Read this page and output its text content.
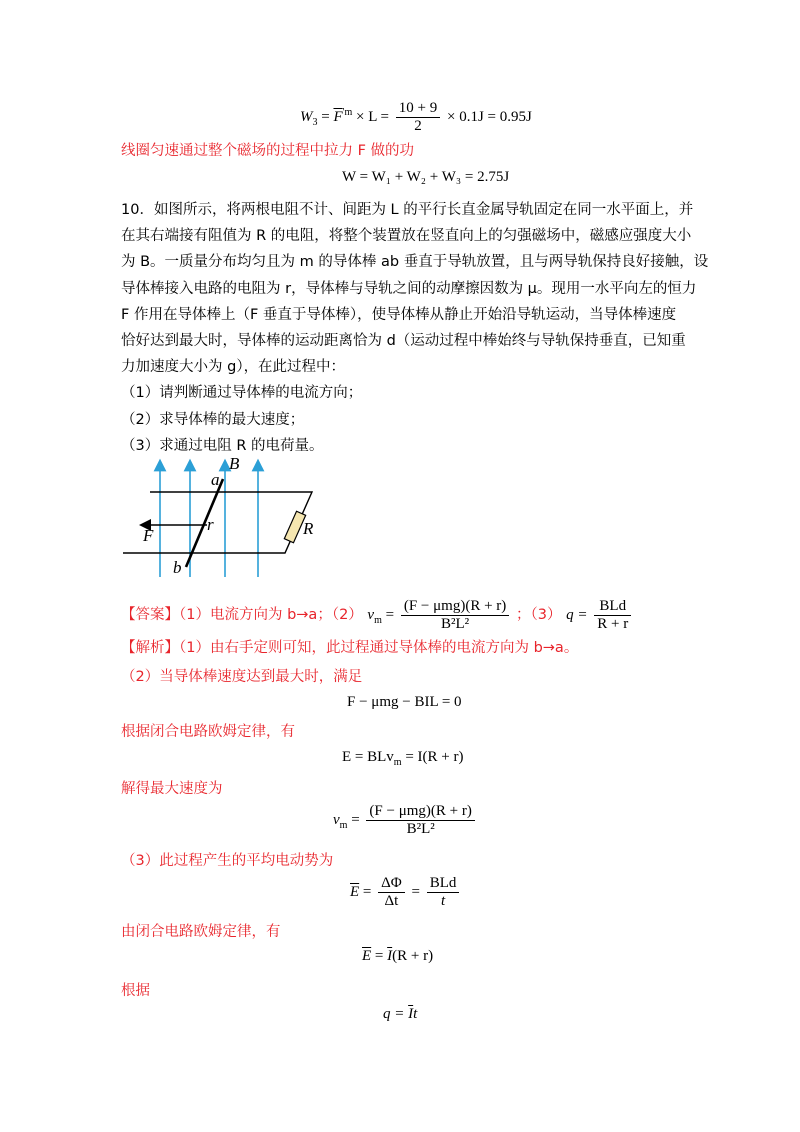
$W_3 = \overline{F}^{'m} \times L = \frac{10 + 9}{2} \times 0.1J = 0.95J$
线圈匀速通过整个磁场的过程中拉力 F 做的功
W = W₁ + W₂ + W₃ = 2.75J
10．如图所示，将两根电阻不计、间距为 L 的平行长直金属导轨固定在同一水平面上，并
在其右端接有阻值为 R 的电阻，将整个装置放在竖直向上的匀强磁场中，磁感应强度大小
为 B。一质量分布均匀且为 m 的导体棒 ab 垂直于导轨放置，且与两导轨保持良好接触，设
导体棒接入电路的电阻为 r，导体棒与导轨之间的动摩擦因数为 μ。现用一水平向左的恒力
F 作用在导体棒上（F 垂直于导体棒），使导体棒从静止开始沿导轨运动，当导体棒速度
恰好达到最大时，导体棒的运动距离恰为 d（运动过程中棒始终与导轨保持垂直，已知重
力加速度大小为 g），在此过程中：
（1）请判断通过导体棒的电流方向；
（2）求导体棒的最大速度；
（3）求通过电阻 R 的电荷量。
B
a
r	R
F
b
【答案】（1）电流方向为 b→a；（2） $v_m = \frac{\text{(F − μmg)(R + r)}}{\text{B²L²}}$ ；（3） $q = \frac{\text{BLd}}{R + r}$
【解析】（1）由右手定则可知，此过程通过导体棒的电流方向为 b→a。
（2）当导体棒速度达到最大时，满足
F − μmg − BIL = 0
根据闭合电路欧姆定律，有
E = BLv$_m$ = I(R + r)
解得最大速度为
$v_m = \frac{\text{(F − μmg)(R + r)}}{\text{B²L²}}$
（3）此过程产生的平均电动势为
$\overline{E} = \frac{\Delta\Phi}{\Delta t} = \frac{\text{BLd}}{t}$
由闭合电路欧姆定律，有
$\overline{E} = \overline{I}(R + r)$
根据
$q = \overline{I}t$
